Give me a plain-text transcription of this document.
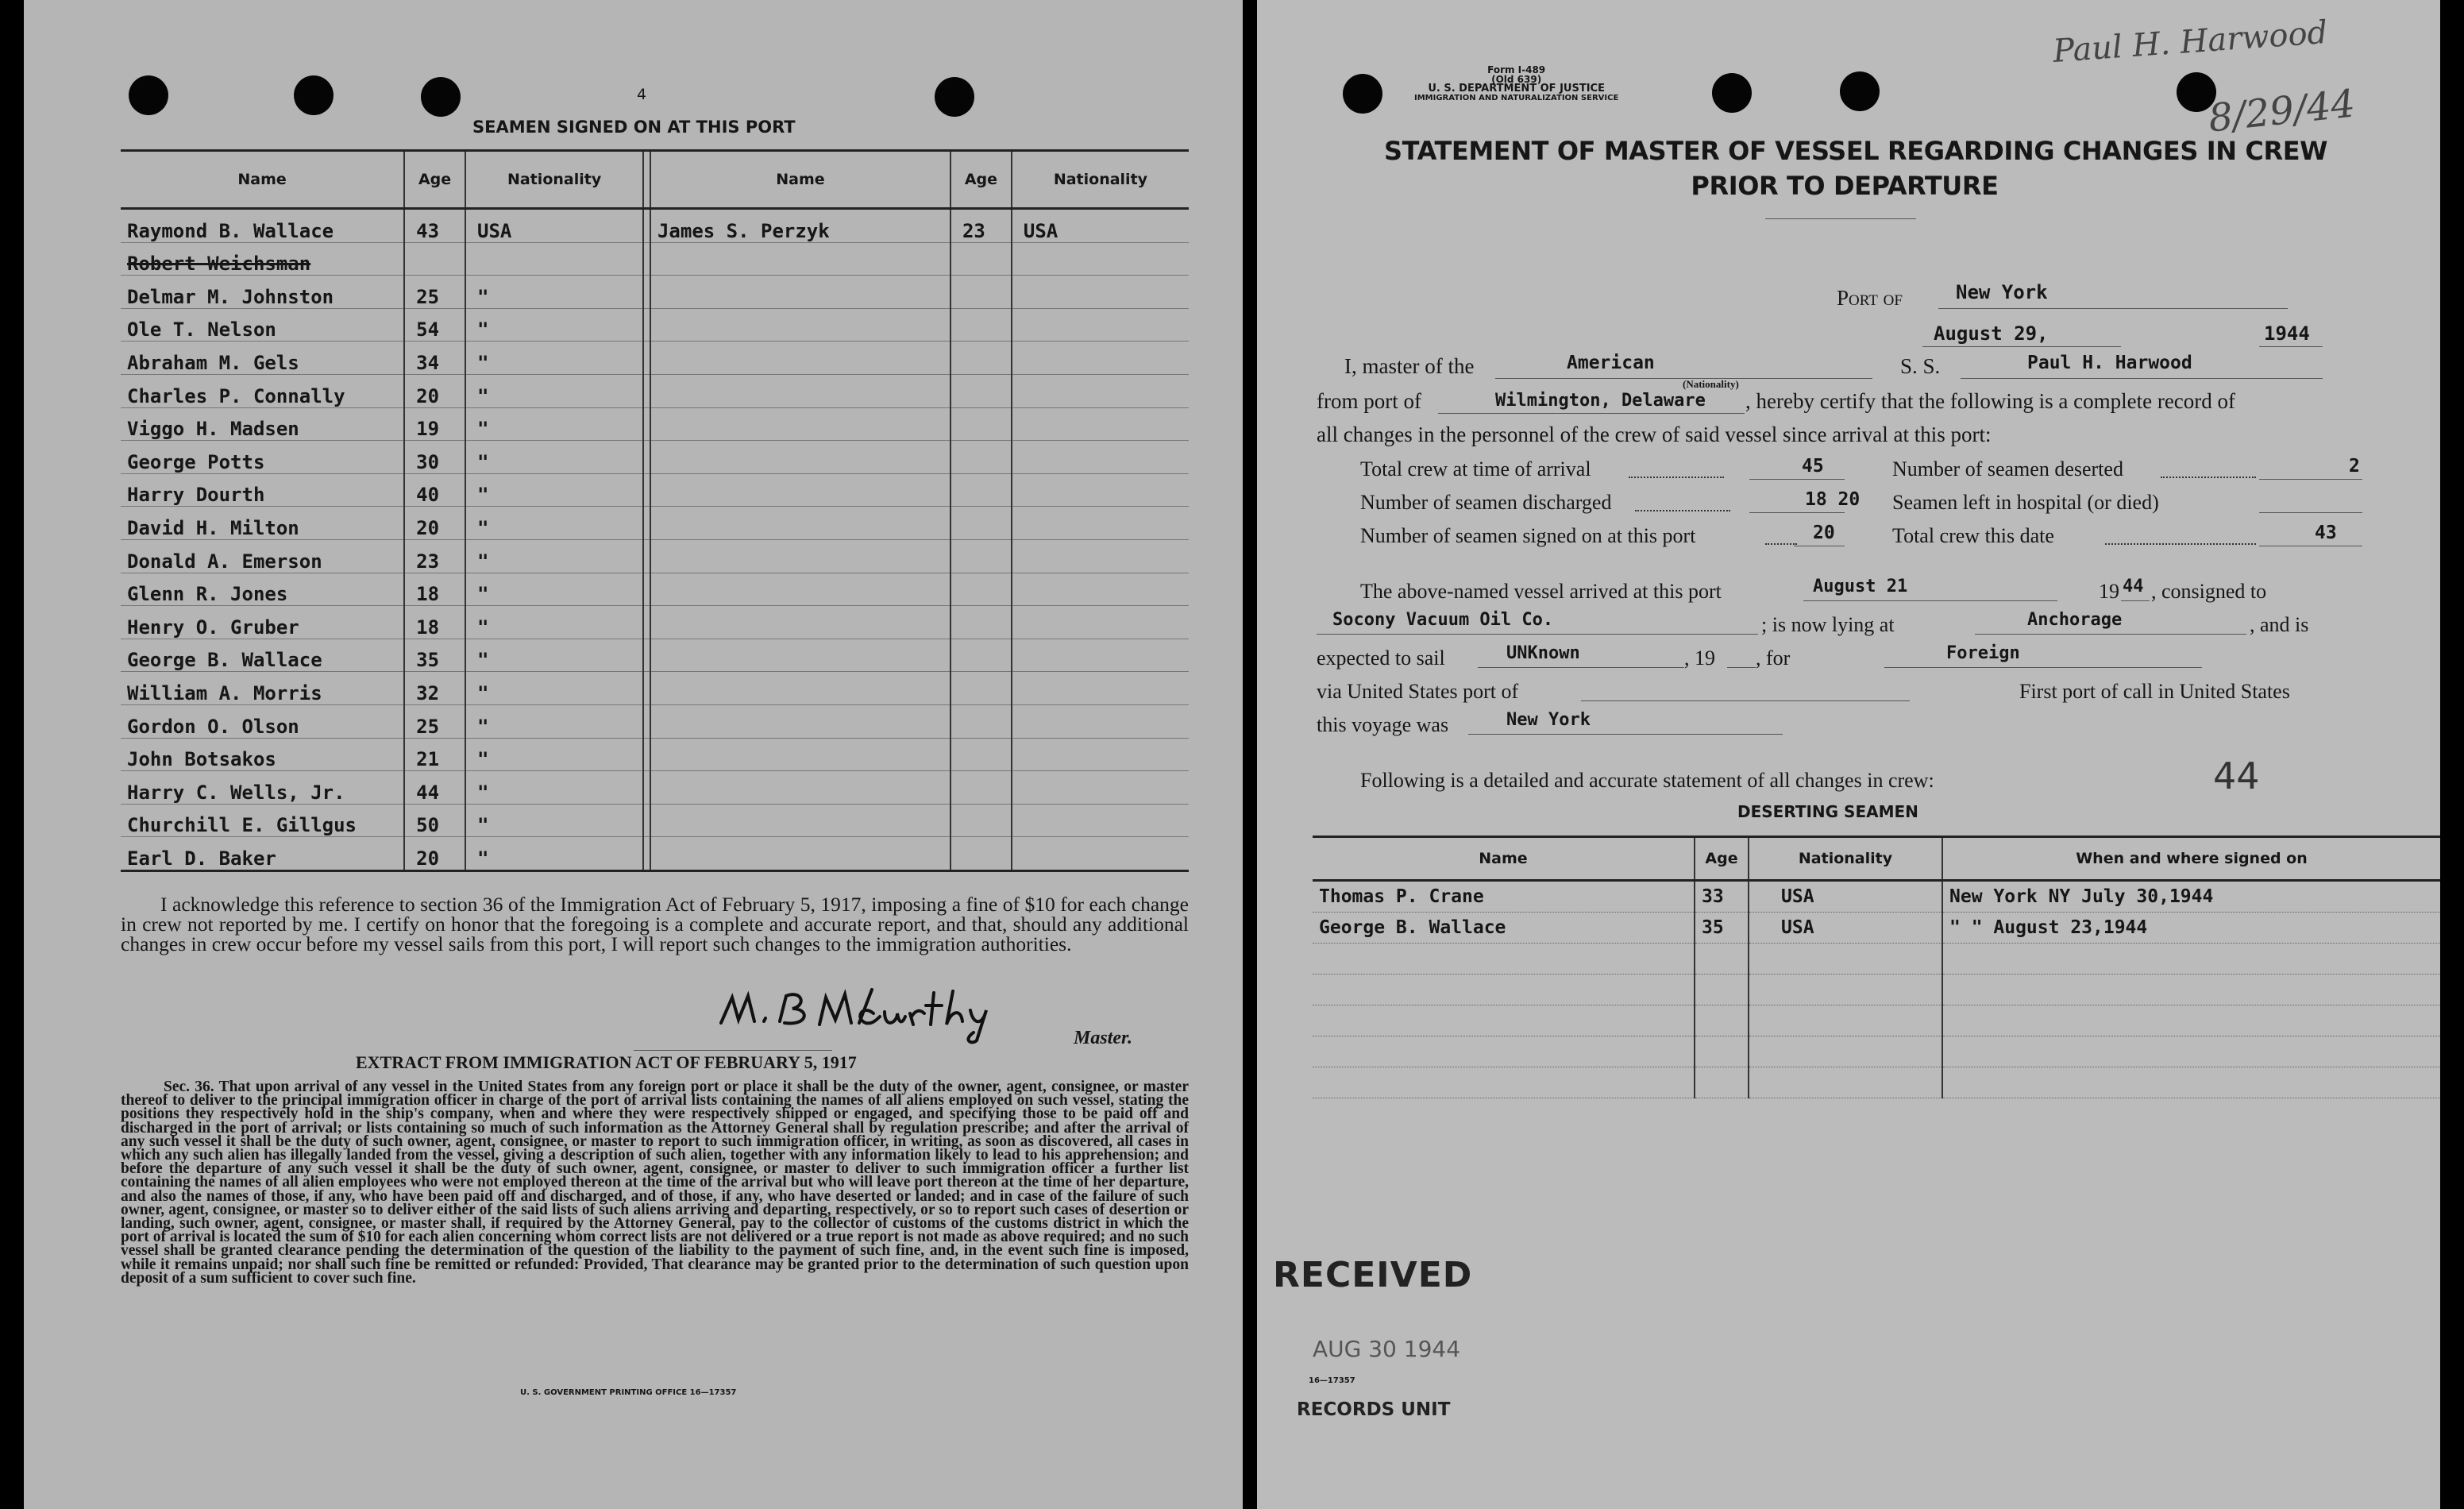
4
SEAMEN SIGNED ON AT THIS PORT
Name	Age	Nationality		Name	Age	Nationality
Raymond B. Wallace	43	USA		James S. Perzyk	23	USA
Robert Weichsman						
Delmar M. Johnston	25	"				
Ole T. Nelson	54	"				
Abraham M. Gels	34	"				
Charles P. Connally	20	"				
Viggo H. Madsen	19	"				
George Potts	30	"				
Harry Dourth	40	"				
David H. Milton	20	"				
Donald A. Emerson	23	"				
Glenn R. Jones	18	"				
Henry O. Gruber	18	"				
George B. Wallace	35	"				
William A. Morris	32	"				
Gordon O. Olson	25	"				
John Botsakos	21	"				
Harry C. Wells, Jr.	44	"				
Churchill E. Gillgus	50	"				
Earl D. Baker	20	"				
I acknowledge this reference to section 36 of the Immigration Act of February 5, 1917, imposing a fine of $10 for each change in crew not reported by me. I certify on honor that the foregoing is a complete and accurate report, and that, should any additional changes in crew occur before my vessel sails from this port, I will report such changes to the immigration authorities.
Master.
EXTRACT FROM IMMIGRATION ACT OF FEBRUARY 5, 1917
Sec. 36. That upon arrival of any vessel in the United States from any foreign port or place it shall be the duty of the owner, agent, consignee, or master thereof to deliver to the principal immigration officer in charge of the port of arrival lists containing the names of all aliens employed on such vessel, stating the positions they respectively hold in the ship's company, when and where they were respectively shipped or engaged, and specifying those to be paid off and discharged in the port of arrival; or lists containing so much of such information as the Attorney General shall by regulation prescribe; and after the arrival of any such vessel it shall be the duty of such owner, agent, consignee, or master to report to such immigration officer, in writing, as soon as discovered, all cases in which any such alien has illegally landed from the vessel, giving a description of such alien, together with any information likely to lead to his apprehension; and before the departure of any such vessel it shall be the duty of such owner, agent, consignee, or master to deliver to such immigration officer a further list containing the names of all alien employees who were not employed thereon at the time of the arrival but who will leave port thereon at the time of her departure, and also the names of those, if any, who have been paid off and discharged, and of those, if any, who have deserted or landed; and in case of the failure of such owner, agent, consignee, or master so to deliver either of the said lists of such aliens arriving and departing, respectively, or so to report such cases of desertion or landing, such owner, agent, consignee, or master shall, if required by the Attorney General, pay to the collector of customs of the customs district in which the port of arrival is located the sum of $10 for each alien concerning whom correct lists are not delivered or a true report is not made as above required; and no such vessel shall be granted clearance pending the determination of the question of the liability to the payment of such fine, and, in the event such fine is imposed, while it remains unpaid; nor shall such fine be remitted or refunded: Provided, That clearance may be granted prior to the determination of such question upon deposit of a sum sufficient to cover such fine.
U. S. GOVERNMENT PRINTING OFFICE 16—17357
Form I-489
(Old 639)
U. S. DEPARTMENT OF JUSTICE
IMMIGRATION AND NATURALIZATION SERVICE
Paul H. Harwood
8/29/44
STATEMENT OF MASTER OF VESSEL REGARDING CHANGES IN CREW
PRIOR TO DEPARTURE
Port of	New York
August 29,	1944
I, master of the	American
(Nationality)
S. S.	Paul H. Harwood
from port of	Wilmington, Delaware , hereby certify that the following is a complete record of
all changes in the personnel of the crew of said vessel since arrival at this port:
Total crew at time of arrival	45
Number of seamen discharged	18 20
Number of seamen signed on at this port	20
Number of seamen deserted	2
Seamen left in hospital (or died)
Total crew this date	43
The above-named vessel arrived at this port	August 21	19 44 , consigned to
Socony Vacuum Oil Co.	; is now lying at	Anchorage	, and is
expected to sail	UNKnown	, 19 , for	Foreign
via United States port of	First port of call in United States
this voyage was	New York
Following is a detailed and accurate statement of all changes in crew:	44
DESERTING SEAMEN
Name	Age	Nationality	When and where signed on
Thomas P. Crane	33	USA	New York NY July 30,1944
George B. Wallace	35	USA	" " August 23,1944

RECEIVED
AUG 30 1944
16—17357
RECORDS UNIT
